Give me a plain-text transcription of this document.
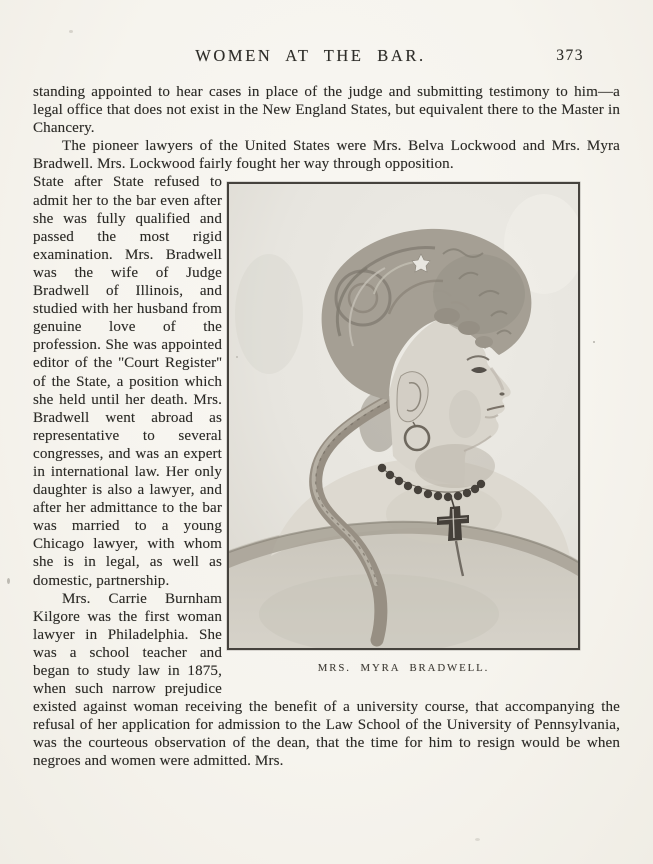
WOMEN AT THE BAR.	373

standing appointed to hear cases in place of the judge and submitting testimony to him—a legal office that does not exist in the New England States, but equivalent there to the Master in Chancery.

The pioneer lawyers of the United States were Mrs. Belva Lockwood and Mrs. Myra Bradwell. Mrs. Lockwood fairly fought her way through opposition.

MRS. MYRA BRADWELL.

State after State refused to admit her to the bar even after she was fully qualified and passed the most rigid examination. Mrs. Bradwell was the wife of Judge Bradwell of Illinois, and studied with her husband from genuine love of the profession. She was appointed editor of the ''Court Register'' of the State, a position which she held until her death. Mrs. Bradwell went abroad as representative to several congresses, and was an expert in international law. Her only daughter is also a lawyer, and after her admittance to the bar was married to a young Chicago lawyer, with whom she is in legal, as well as domestic, partnership.

Mrs. Carrie Burnham Kilgore was the first woman lawyer in Philadelphia. She was a school teacher and began to study law in 1875, when such narrow prejudice existed against woman receiving the benefit of a university course, that accompanying the refusal of her application for admission to the Law School of the University of Pennsylvania, was the courteous observation of the dean, that the time for him to resign would be when negroes and women were admitted. Mrs.
